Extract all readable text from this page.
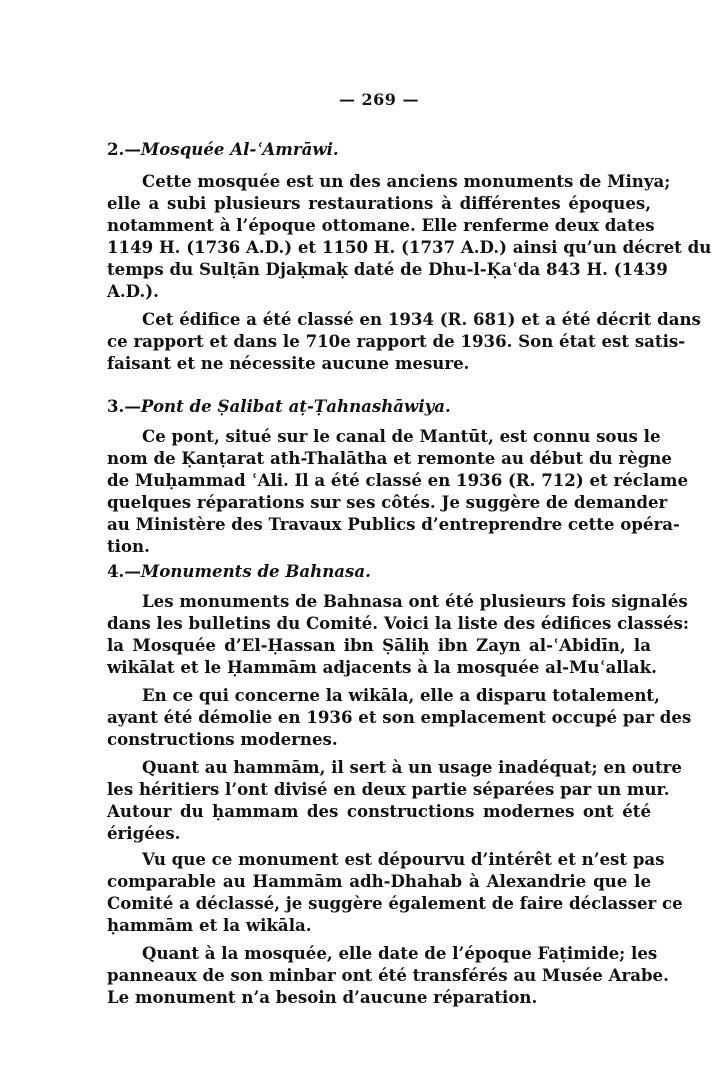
— 269 —
2.—Mosquée Al-ʿAmrāwi.
Cette mosquée est un des anciens monuments de Minya;
elle a subi plusieurs restaurations à différentes époques,
notamment à l’époque ottomane. Elle renferme deux dates
1149 H. (1736 A.D.) et 1150 H. (1737 A.D.) ainsi qu’un décret du
temps du Sulṭān Djaḳmaḳ daté de Dhu-l-Ḳaʿda 843 H. (1439
A.D.).
Cet édifice a été classé en 1934 (R. 681) et a été décrit dans
ce rapport et dans le 710e rapport de 1936. Son état est satis-
faisant et ne nécessite aucune mesure.
3.—Pont de Ṣalibat aṭ-Ṭahnashāwiya.
Ce pont, situé sur le canal de Mantūt, est connu sous le
nom de Ḳanṭarat ath-Thalātha et remonte au début du règne
de Muḥammad ʿAli. Il a été classé en 1936 (R. 712) et réclame
quelques réparations sur ses côtés. Je suggère de demander
au Ministère des Travaux Publics d’entreprendre cette opéra-
tion.
4.—Monuments de Bahnasa.
Les monuments de Bahnasa ont été plusieurs fois signalés
dans les bulletins du Comité. Voici la liste des édifices classés:
la Mosquée d’El-Ḥassan ibn Ṣāliḥ ibn Zayn al-ʿAbidīn, la
wikālat et le Ḥammām adjacents à la mosquée al-Muʿallak.
En ce qui concerne la wikāla, elle a disparu totalement,
ayant été démolie en 1936 et son emplacement occupé par des
constructions modernes.
Quant au hammām, il sert à un usage inadéquat; en outre
les héritiers l’ont divisé en deux partie séparées par un mur.
Autour du ḥammam des constructions modernes ont été
érigées.
Vu que ce monument est dépourvu d’intérêt et n’est pas
comparable au Hammām adh-Dhahab à Alexandrie que le
Comité a déclassé, je suggère également de faire déclasser ce
ḥammām et la wikāla.
Quant à la mosquée, elle date de l’époque Faṭimide; les
panneaux de son minbar ont été transférés au Musée Arabe.
Le monument n’a besoin d’aucune réparation.
